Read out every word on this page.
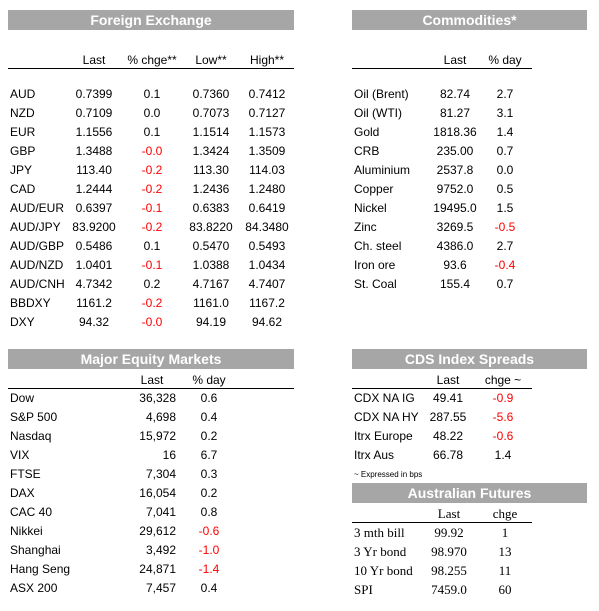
Foreign Exchange
Last	% chge**	Low**	High**
AUD	0.7399	0.1	0.7360	0.7412
NZD	0.7109	0.0	0.7073	0.7127
EUR	1.1556	0.1	1.1514	1.1573
GBP	1.3488	-0.0	1.3424	1.3509
JPY	113.40	-0.2	113.30	114.03
CAD	1.2444	-0.2	1.2436	1.2480
AUD/EUR 0.6397	-0.1	0.6383	0.6419
AUD/JPY 83.9200	-0.2	83.8220	84.3480
AUD/GBP 0.5486	0.1	0.5470	0.5493
AUD/NZD	1.0401	-0.1	1.0388	1.0434
AUD/CNH 4.7342	0.2	4.7167	4.7407
BBDXY	1161.2	-0.2	1161.0	1167.2
DXY	94.32	-0.0	94.19	94.62
Commodities*
Last	% day
Oil (Brent)	82.74	2.7
Oil (WTI)	81.27	3.1
Gold	1818.36	1.4
CRB	235.00	0.7
Aluminium	2537.8	0.0
Copper	9752.0	0.5
Nickel	19495.0	1.5
Zinc	3269.5	-0.5
Ch. steel	4386.0	2.7
Iron ore	93.6	-0.4
St. Coal	155.4	0.7
Major Equity Markets
Last	% day
Dow	36,328	0.6
S&P 500	4,698	0.4
Nasdaq	15,972	0.2
VIX	16	6.7
FTSE	7,304	0.3
DAX	16,054	0.2
CAC 40	7,041	0.8
Nikkei	29,612	-0.6
Shanghai	3,492	-1.0
Hang Seng	24,871	-1.4
ASX 200	7,457	0.4
CDS Index Spreads
Last	chge ~
CDX NA IG	49.41	-0.9
CDX NA HY 287.55	-5.6
Itrx Europe	48.22	-0.6
Itrx Aus	66.78	1.4
~ Expressed in bps
Australian Futures
Last	chge
3 mth bill	99.92	1
3 Yr bond	98.970	13
10 Yr bond	98.255	11
SPI	7459.0	60
